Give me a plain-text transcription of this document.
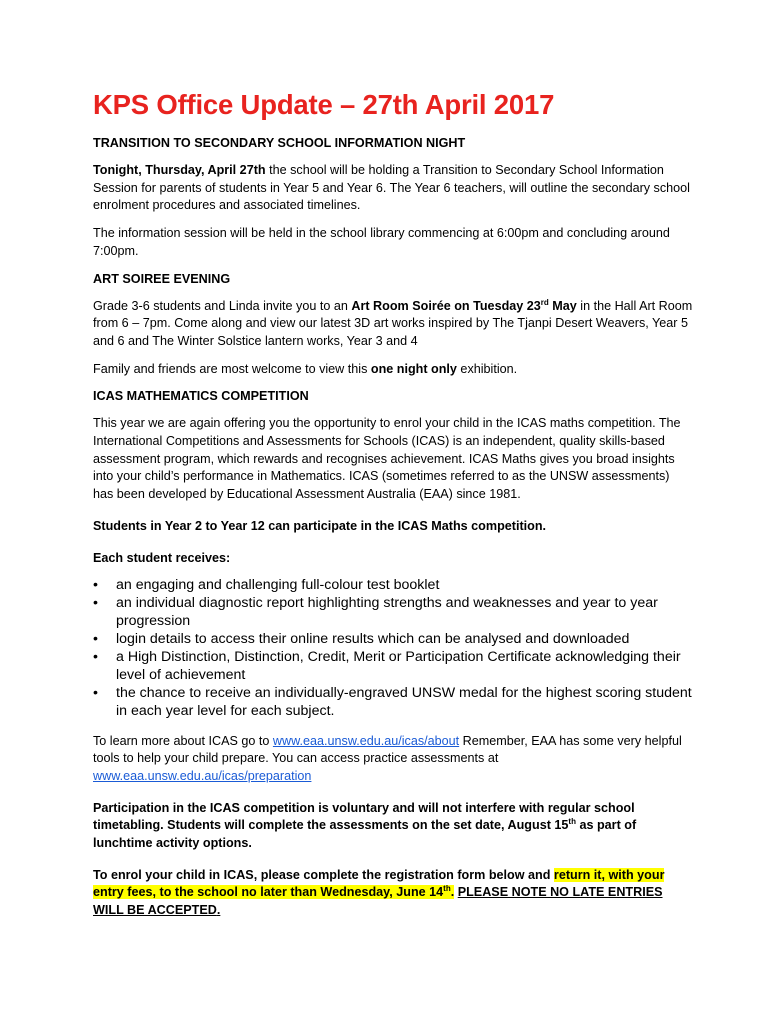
KPS Office Update – 27th April 2017
TRANSITION TO SECONDARY SCHOOL INFORMATION NIGHT

Tonight, Thursday, April 27th the school will be holding a Transition to Secondary School Information Session for parents of students in Year 5 and Year 6. The Year 6 teachers, will outline the secondary school enrolment procedures and associated timelines.

The information session will be held in the school library commencing at 6:00pm and concluding around 7:00pm.

ART SOIREE EVENING

Grade 3-6 students and Linda invite you to an Art Room Soirée on Tuesday 23rd May in the Hall Art Room from 6 – 7pm. Come along and view our latest 3D art works inspired by The Tjanpi Desert Weavers, Year 5 and 6 and The Winter Solstice lantern works, Year 3 and 4

Family and friends are most welcome to view this one night only exhibition.

ICAS MATHEMATICS COMPETITION

This year we are again offering you the opportunity to enrol your child in the ICAS maths competition. The International Competitions and Assessments for Schools (ICAS) is an independent, quality skills-based assessment program, which rewards and recognises achievement. ICAS Maths gives you broad insights into your child’s performance in Mathematics. ICAS (sometimes referred to as the UNSW assessments) has been developed by Educational Assessment Australia (EAA) since 1981.

Students in Year 2 to Year 12 can participate in the ICAS Maths competition.

Each student receives:

• an engaging and challenging full-colour test booklet
• an individual diagnostic report highlighting strengths and weaknesses and year to year progression
• login details to access their online results which can be analysed and downloaded
• a High Distinction, Distinction, Credit, Merit or Participation Certificate acknowledging their level of achievement
• the chance to receive an individually-engraved UNSW medal for the highest scoring student in each year level for each subject.

To learn more about ICAS go to www.eaa.unsw.edu.au/icas/about Remember, EAA has some very helpful tools to help your child prepare. You can access practice assessments at www.eaa.unsw.edu.au/icas/preparation

Participation in the ICAS competition is voluntary and will not interfere with regular school timetabling. Students will complete the assessments on the set date, August 15th as part of lunchtime activity options.

To enrol your child in ICAS, please complete the registration form below and return it, with your entry fees, to the school no later than Wednesday, June 14th. PLEASE NOTE NO LATE ENTRIES WILL BE ACCEPTED.
